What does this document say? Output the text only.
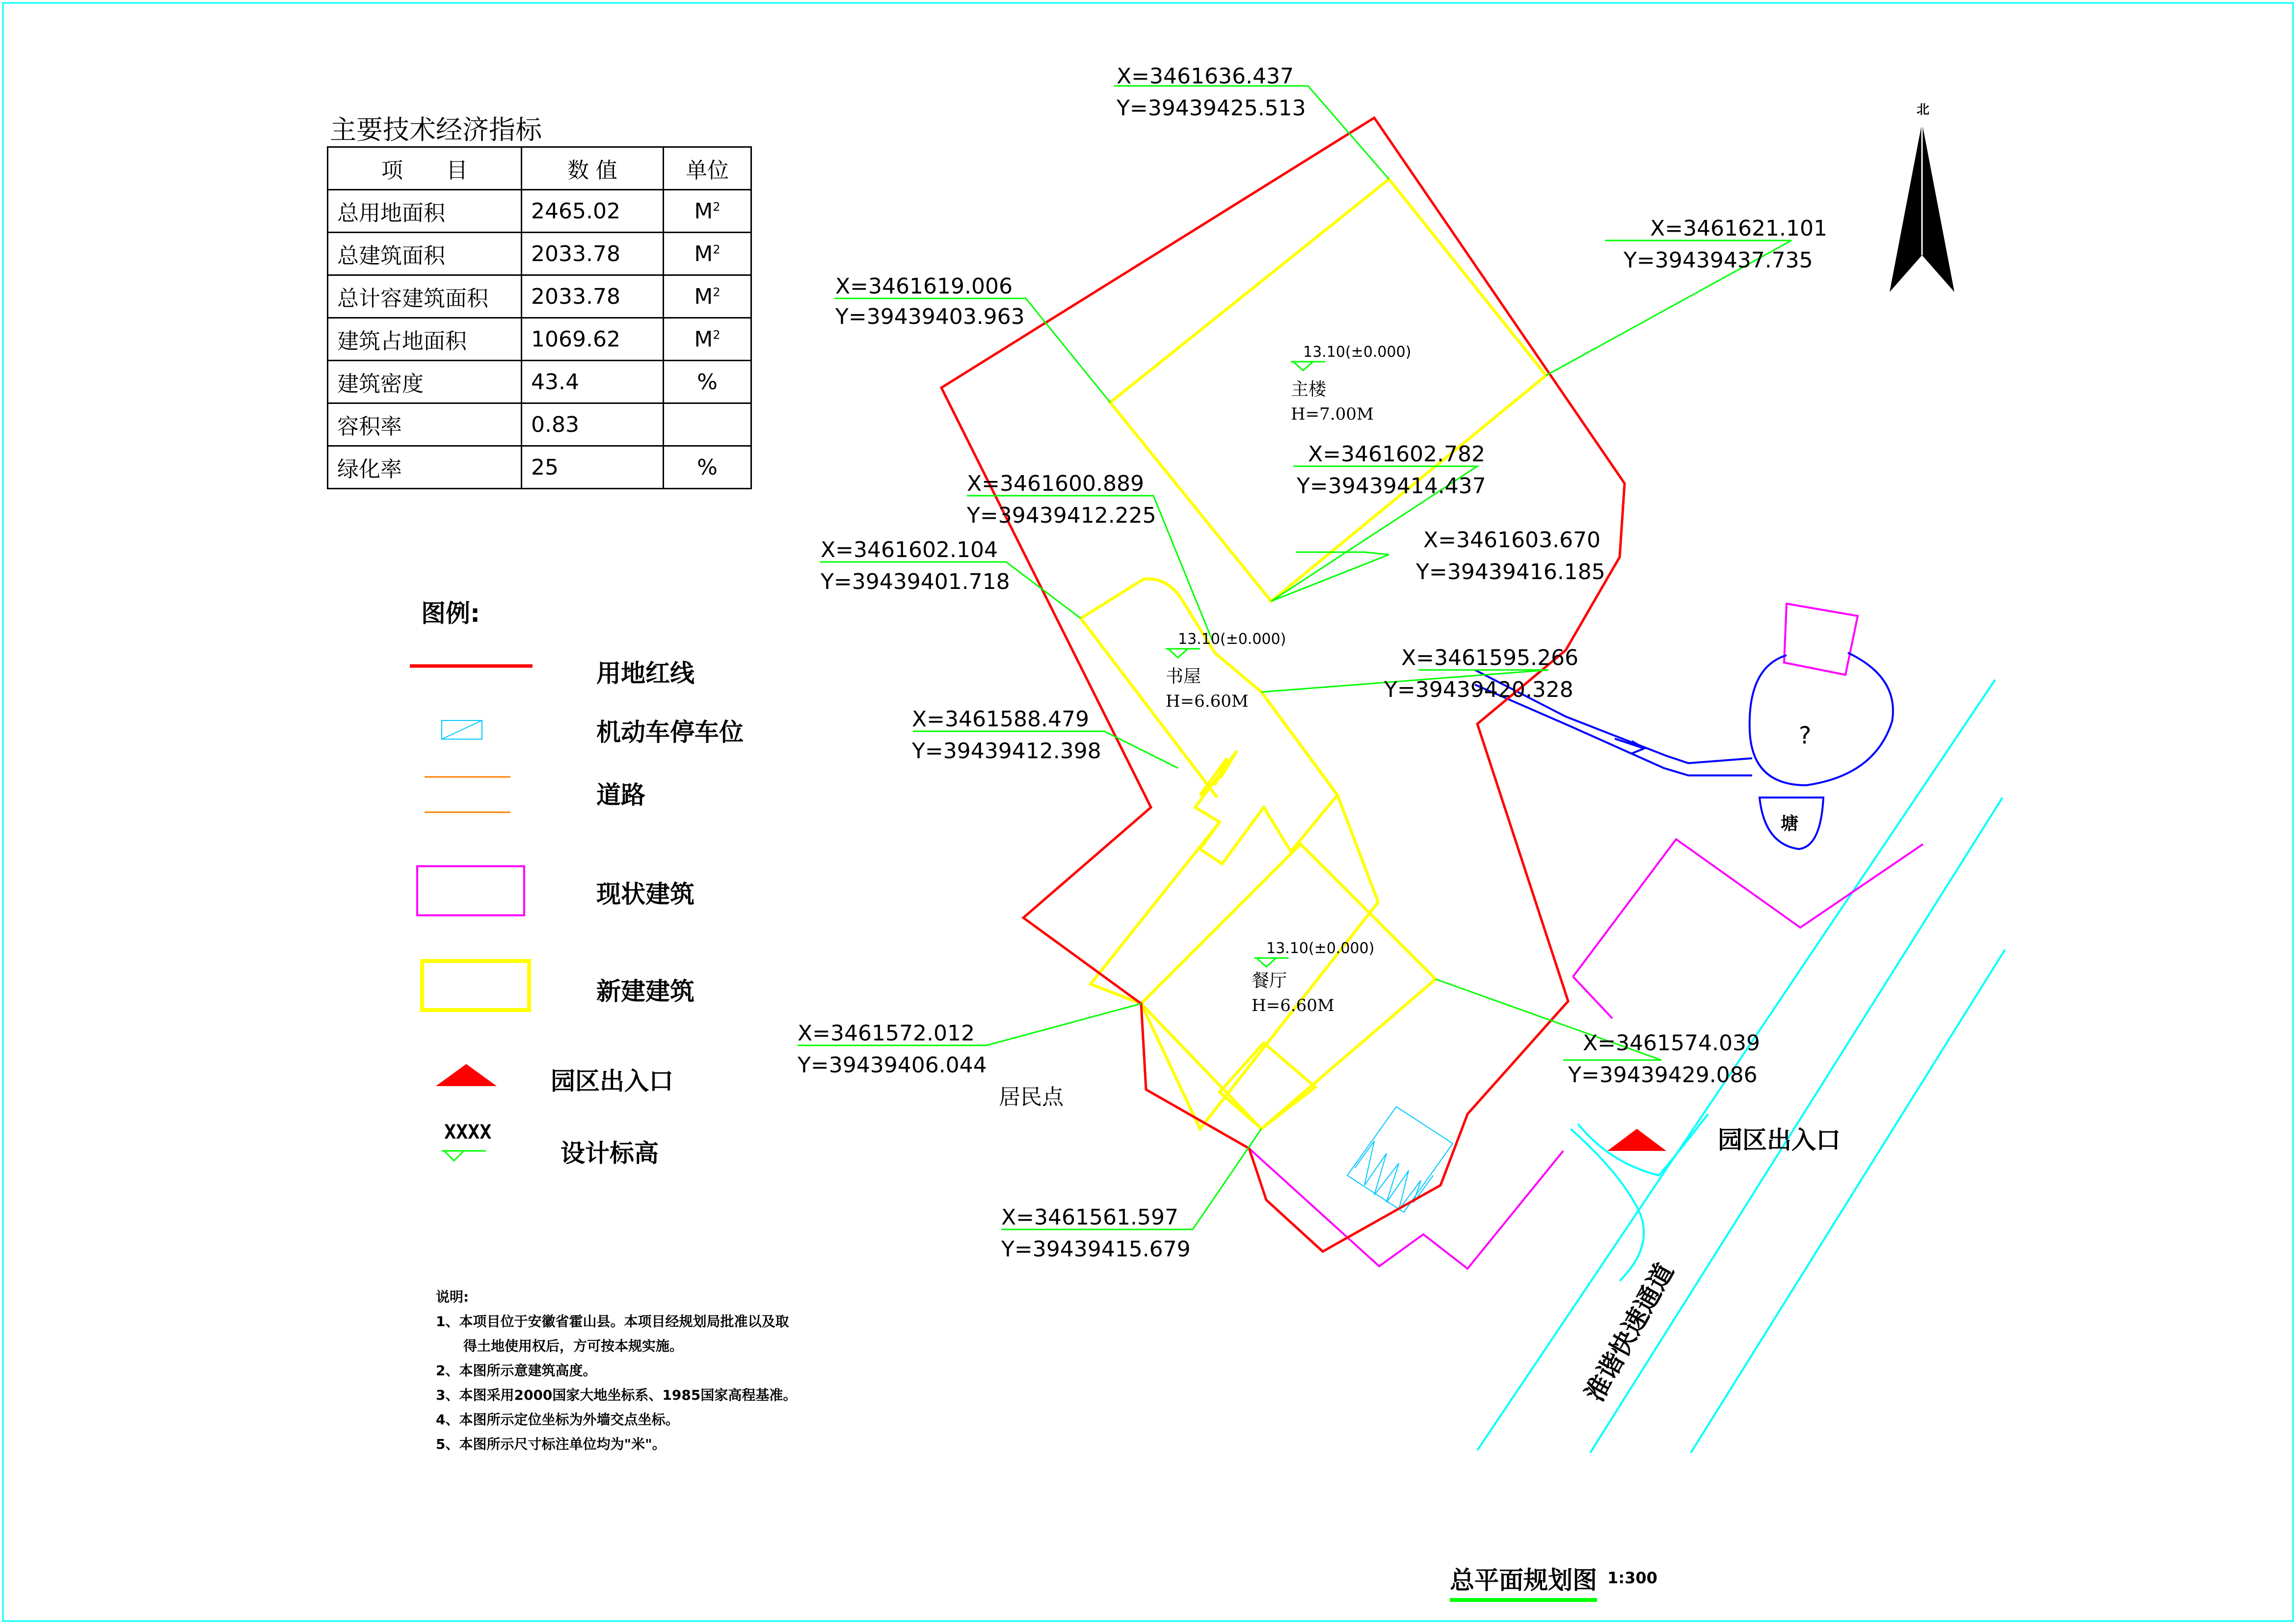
主要技术经济指标
项　　目	数 值	单位
总用地面积	2465.02	$M^2$
总建筑面积	2033.78	$M^2$
总计容建筑面积	2033.78	$M^2$
建筑占地面积	1069.62	$M^2$
建筑密度	43.4	%
容积率	0.83	
绿化率	25	%
图例:
XXXX
用地红线
机动车停车位
道路
现状建筑
新建建筑
园区出入口
设计标高
说明:
1、本项目位于安徽省霍山县。本项目经规划局批准以及取
　　得土地使用权后，方可按本规实施。
2、本图所示意建筑高度。
3、本图采用2000国家大地坐标系、1985国家高程基准。
4、本图所示定位坐标为外墙交点坐标。
5、本图所示尺寸标注单位均为"米"。
?
塘
X=3461636.437
Y=39439425.513
X=3461621.101
Y=39439437.735
X=3461619.006
Y=39439403.963
X=3461602.782
Y=39439414.437
X=3461600.889
Y=39439412.225
X=3461603.670
Y=39439416.185
X=3461602.104
Y=39439401.718
X=3461595.266
Y=39439420.328
X=3461588.479
Y=39439412.398
X=3461572.012
Y=39439406.044
X=3461574.039
Y=39439429.086
X=3461561.597
Y=39439415.679
13.10(±0.000)
主楼
H=7.00M
13.10(±0.000)
书屋
H=6.60M
13.10(±0.000)
餐厅
H=6.60M
居民点
园区出入口
淮谐快速通道
北
总平面规划图 1:300
